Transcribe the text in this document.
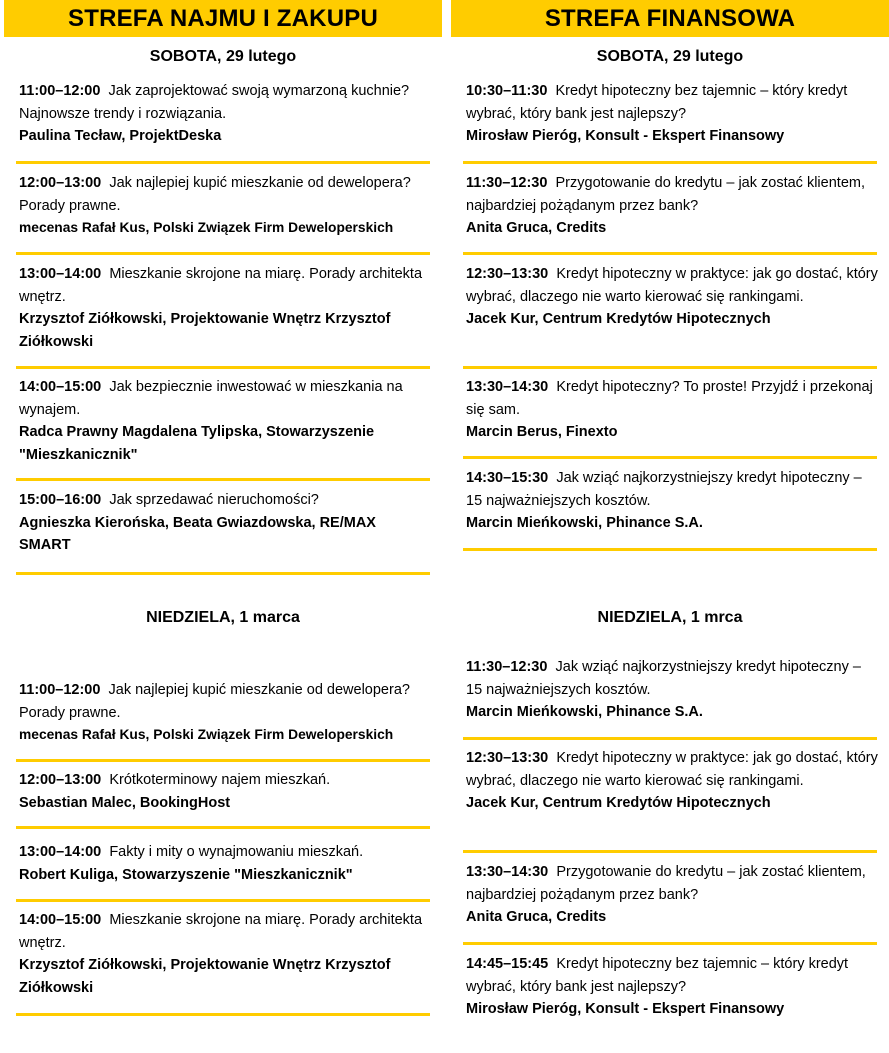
STREFA NAJMU I ZAKUPU
SOBOTA, 29 lutego
11:00–12:00 Jak zaprojektować swoją wymarzoną kuchnie? Najnowsze trendy i rozwiązania.
Paulina Tecław, ProjektDeska
12:00–13:00 Jak najlepiej kupić mieszkanie od dewelopera? Porady prawne.
mecenas Rafał Kus, Polski Związek Firm Deweloperskich
13:00–14:00  Mieszkanie skrojone na miarę. Porady architekta wnętrz.
Krzysztof Ziółkowski, Projektowanie Wnętrz Krzysztof Ziółkowski
14:00–15:00 Jak bezpiecznie inwestować w mieszkania na wynajem.
Radca Prawny Magdalena Tylipska, Stowarzyszenie "Mieszkanicznik"
15:00–16:00 Jak sprzedawać nieruchomości?
Agnieszka Kierońska, Beata Gwiazdowska, RE/MAX SMART
NIEDZIELA, 1 marca
11:00–12:00 Jak najlepiej kupić mieszkanie od dewelopera? Porady prawne.
mecenas Rafał Kus, Polski Związek Firm Deweloperskich
12:00–13:00 Krótkoterminowy najem mieszkań.
Sebastian Malec, BookingHost
13:00–14:00 Fakty i mity o wynajmowaniu mieszkań.
Robert Kuliga, Stowarzyszenie "Mieszkanicznik"
14:00–15:00 Mieszkanie skrojone na miarę. Porady architekta wnętrz.
Krzysztof Ziółkowski, Projektowanie Wnętrz Krzysztof Ziółkowski
STREFA FINANSOWA
SOBOTA, 29 lutego
10:30–11:30 Kredyt hipoteczny bez tajemnic – który kredyt wybrać, który bank jest najlepszy?
Mirosław Pieróg, Konsult - Ekspert Finansowy
11:30–12:30 Przygotowanie do kredytu – jak zostać klientem, najbardziej pożądanym przez bank?
Anita Gruca, Credits
12:30–13:30 Kredyt hipoteczny w praktyce: jak go dostać, który wybrać, dlaczego nie warto kierować się rankingami.
Jacek Kur, Centrum Kredytów Hipotecznych
13:30–14:30 Kredyt hipoteczny? To proste! Przyjdź i przekonaj się sam.
Marcin Berus, Finexto
14:30–15:30 Jak wziąć najkorzystniejszy kredyt hipoteczny – 15 najważniejszych kosztów.
Marcin Mieńkowski, Phinance S.A.
NIEDZIELA, 1 mrca
11:30–12:30  Jak wziąć najkorzystniejszy kredyt hipoteczny – 15 najważniejszych kosztów.
Marcin Mieńkowski, Phinance S.A.
12:30–13:30 Kredyt hipoteczny w praktyce: jak go dostać, który wybrać, dlaczego nie warto kierować się rankingami.
Jacek Kur, Centrum Kredytów Hipotecznych
13:30–14:30 Przygotowanie do kredytu – jak zostać klientem, najbardziej pożądanym przez bank?
Anita Gruca, Credits
14:45–15:45 Kredyt hipoteczny bez tajemnic – który kredyt wybrać, który bank jest najlepszy?
Mirosław Pieróg, Konsult - Ekspert Finansowy
